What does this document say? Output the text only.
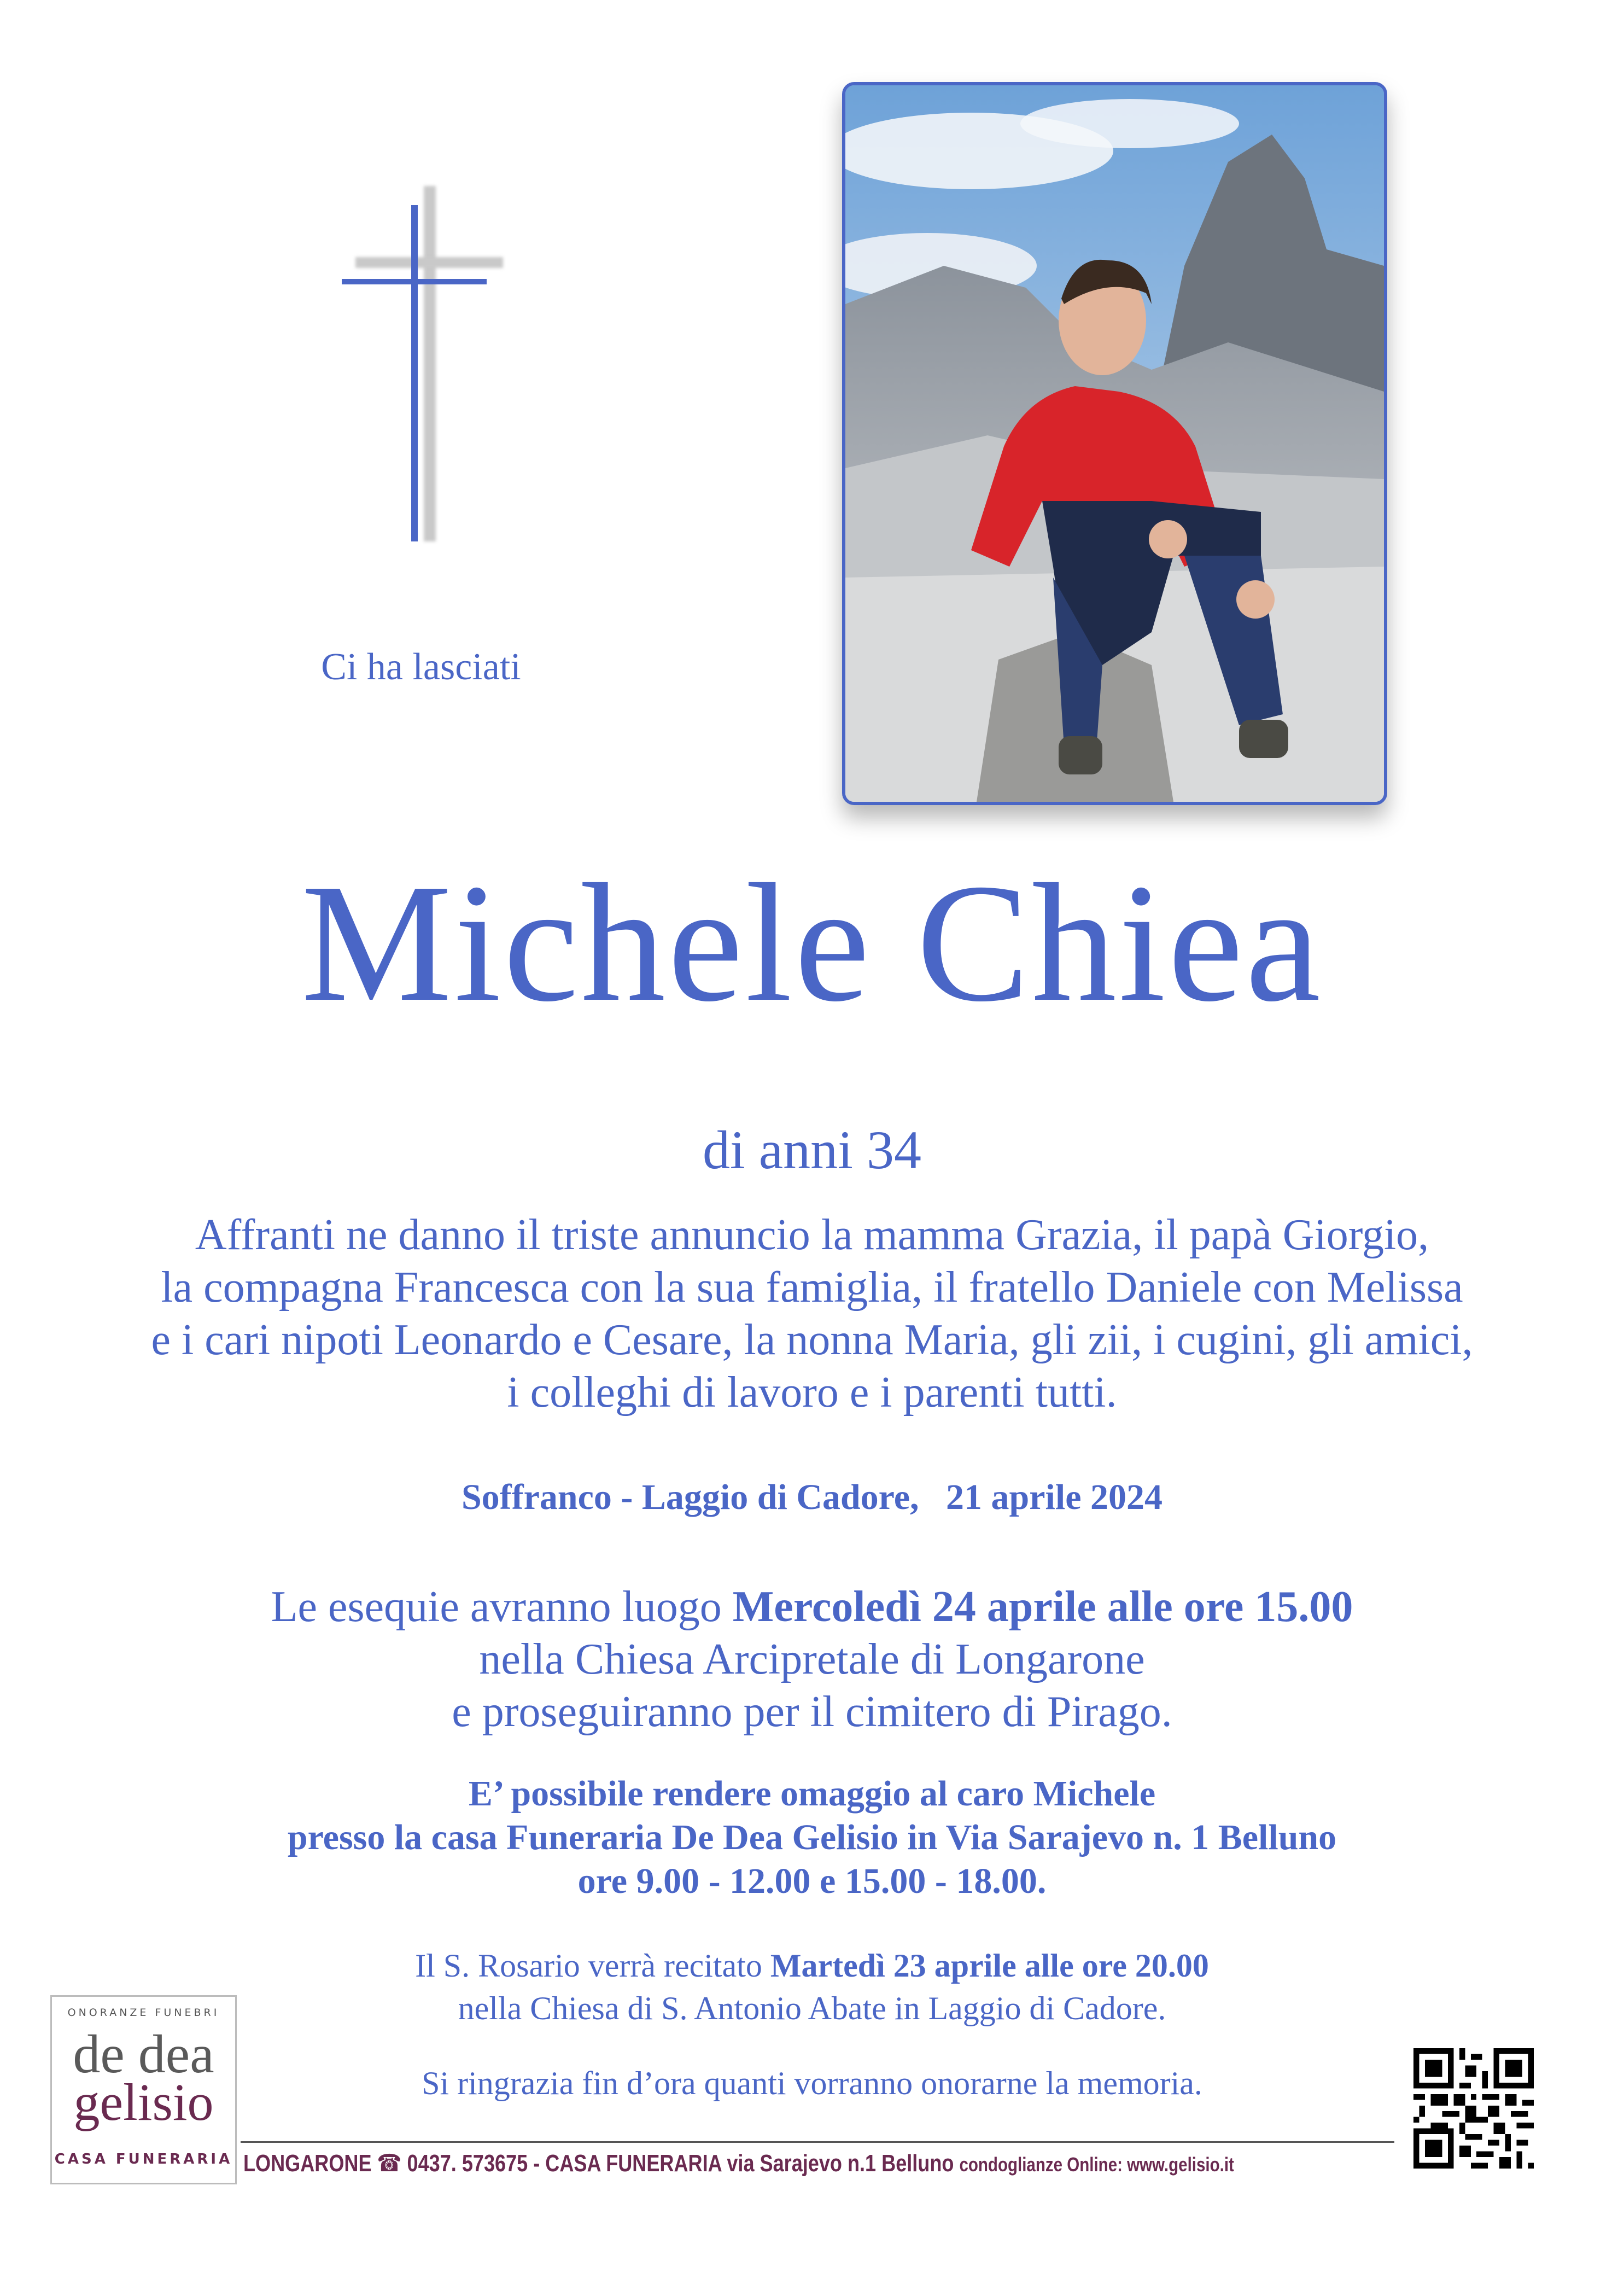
Ci ha lasciati
Michele Chiea
di anni 34
Affranti ne danno il triste annuncio la mamma Grazia, il papà Giorgio,
la compagna Francesca con la sua famiglia, il fratello Daniele con Melissa
e i cari nipoti Leonardo e Cesare, la nonna Maria, gli zii, i cugini, gli amici,
i colleghi di lavoro e i parenti tutti.
Soffranco - Laggio di Cadore,   21 aprile 2024
Le esequie avranno luogo Mercoledì 24 aprile alle ore 15.00
nella Chiesa Arcipretale di Longarone
e proseguiranno per il cimitero di Pirago.
E’ possibile rendere omaggio al caro Michele
presso la casa Funeraria De Dea Gelisio in Via Sarajevo n. 1 Belluno
ore 9.00 - 12.00 e 15.00 - 18.00.
Il S. Rosario verrà recitato Martedì 23 aprile alle ore 20.00
nella Chiesa di S. Antonio Abate in Laggio di Cadore.
Si ringrazia fin d’ora quanti vorranno onorarne la memoria.
ONORANZE FUNEBRI
de dea
gelisio
CASA FUNERARIA LONGARONE ☎ 0437. 573675 - CASA FUNERARIA via Sarajevo n.1 Belluno condoglianze Online: www.gelisio.it
